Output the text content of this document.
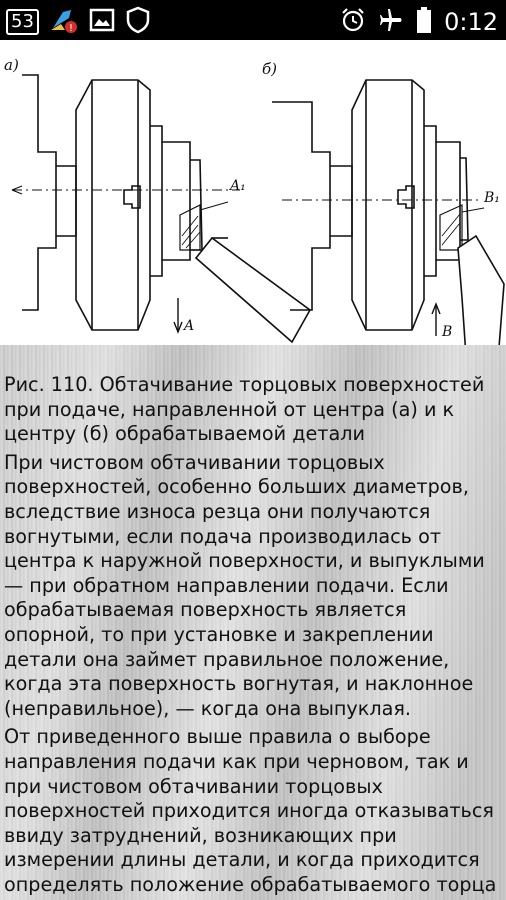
53	!	0:12
а)
A₁
A
б)
B₁
B

Рис. 110. Обтачивание торцовых поверхностей при подаче, направленной от центра (а) и к центру (б) обрабатываемой детали

При чистовом обтачивании торцовых поверхностей, особенно больших диаметров, вследствие износа резца они получаются вогнутыми, если подача производилась от центра к наружной поверхности, и выпуклыми — при обратном направлении подачи. Если обрабатываемая поверхность является опорной, то при установке и закреплении детали она займет правильное положение, когда эта поверхность вогнутая, и наклонное (неправильное), — когда она выпуклая.

От приведенного выше правила о выборе направления подачи как при черновом, так и при чистовом обтачивании торцовых поверхностей приходится иногда отказываться ввиду затруднений, возникающих при измерении длины детали, и когда приходится определять положение обрабатываемого торца
